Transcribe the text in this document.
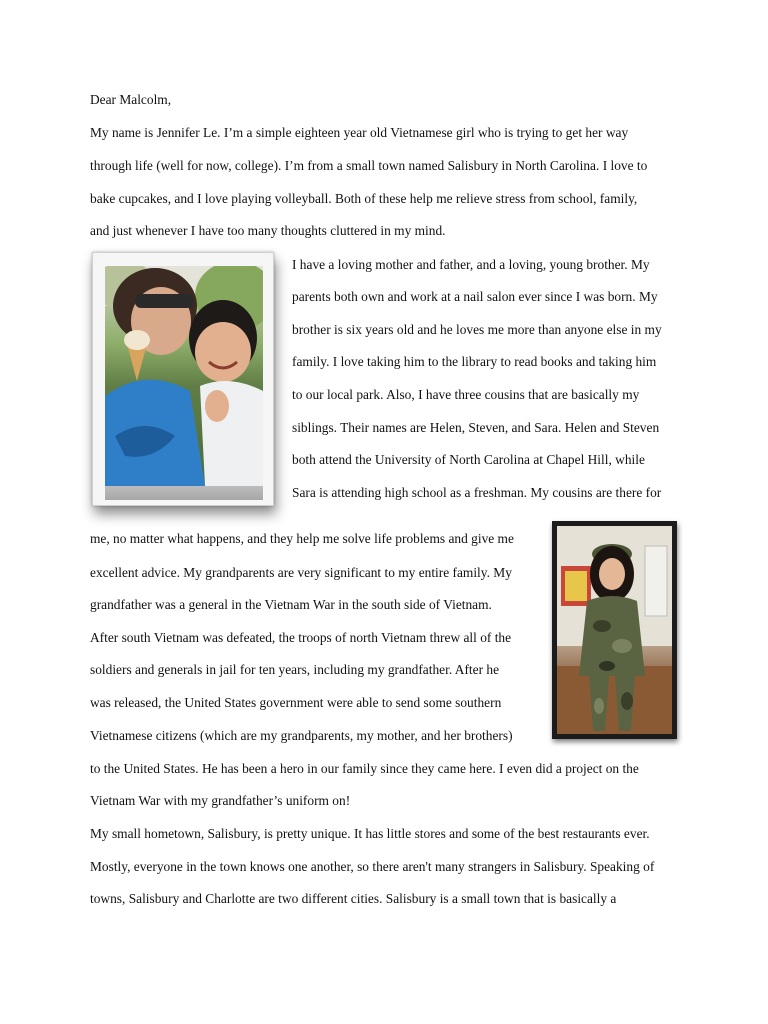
Dear Malcolm,

My name is Jennifer Le. I’m a simple eighteen year old Vietnamese girl who is trying to get her way

through life (well for now, college). I’m from a small town named Salisbury in North Carolina. I love to

bake cupcakes, and I love playing volleyball. Both of these help me relieve stress from school, family,

and just whenever I have too many thoughts cluttered in my mind.

I have a loving mother and father, and a loving, young brother. My

parents both own and work at a nail salon ever since I was born. My

brother is six years old and he loves me more than anyone else in my

family. I love taking him to the library to read books and taking him

to our local park. Also, I have three cousins that are basically my

siblings. Their names are Helen, Steven, and Sara. Helen and Steven

both attend the University of North Carolina at Chapel Hill, while

Sara is attending high school as a freshman. My cousins are there for

me, no matter what happens, and they help me solve life problems and give me

excellent advice. My grandparents are very significant to my entire family. My

grandfather was a general in the Vietnam War in the south side of Vietnam.

After south Vietnam was defeated, the troops of north Vietnam threw all of the

soldiers and generals in jail for ten years, including my grandfather. After he

was released, the United States government were able to send some southern

Vietnamese citizens (which are my grandparents, my mother, and her brothers)

to the United States. He has been a hero in our family since they came here. I even did a project on the

Vietnam War with my grandfather’s uniform on!

My small hometown, Salisbury, is pretty unique. It has little stores and some of the best restaurants ever.

Mostly, everyone in the town knows one another, so there aren't many strangers in Salisbury. Speaking of

towns, Salisbury and Charlotte are two different cities. Salisbury is a small town that is basically a
